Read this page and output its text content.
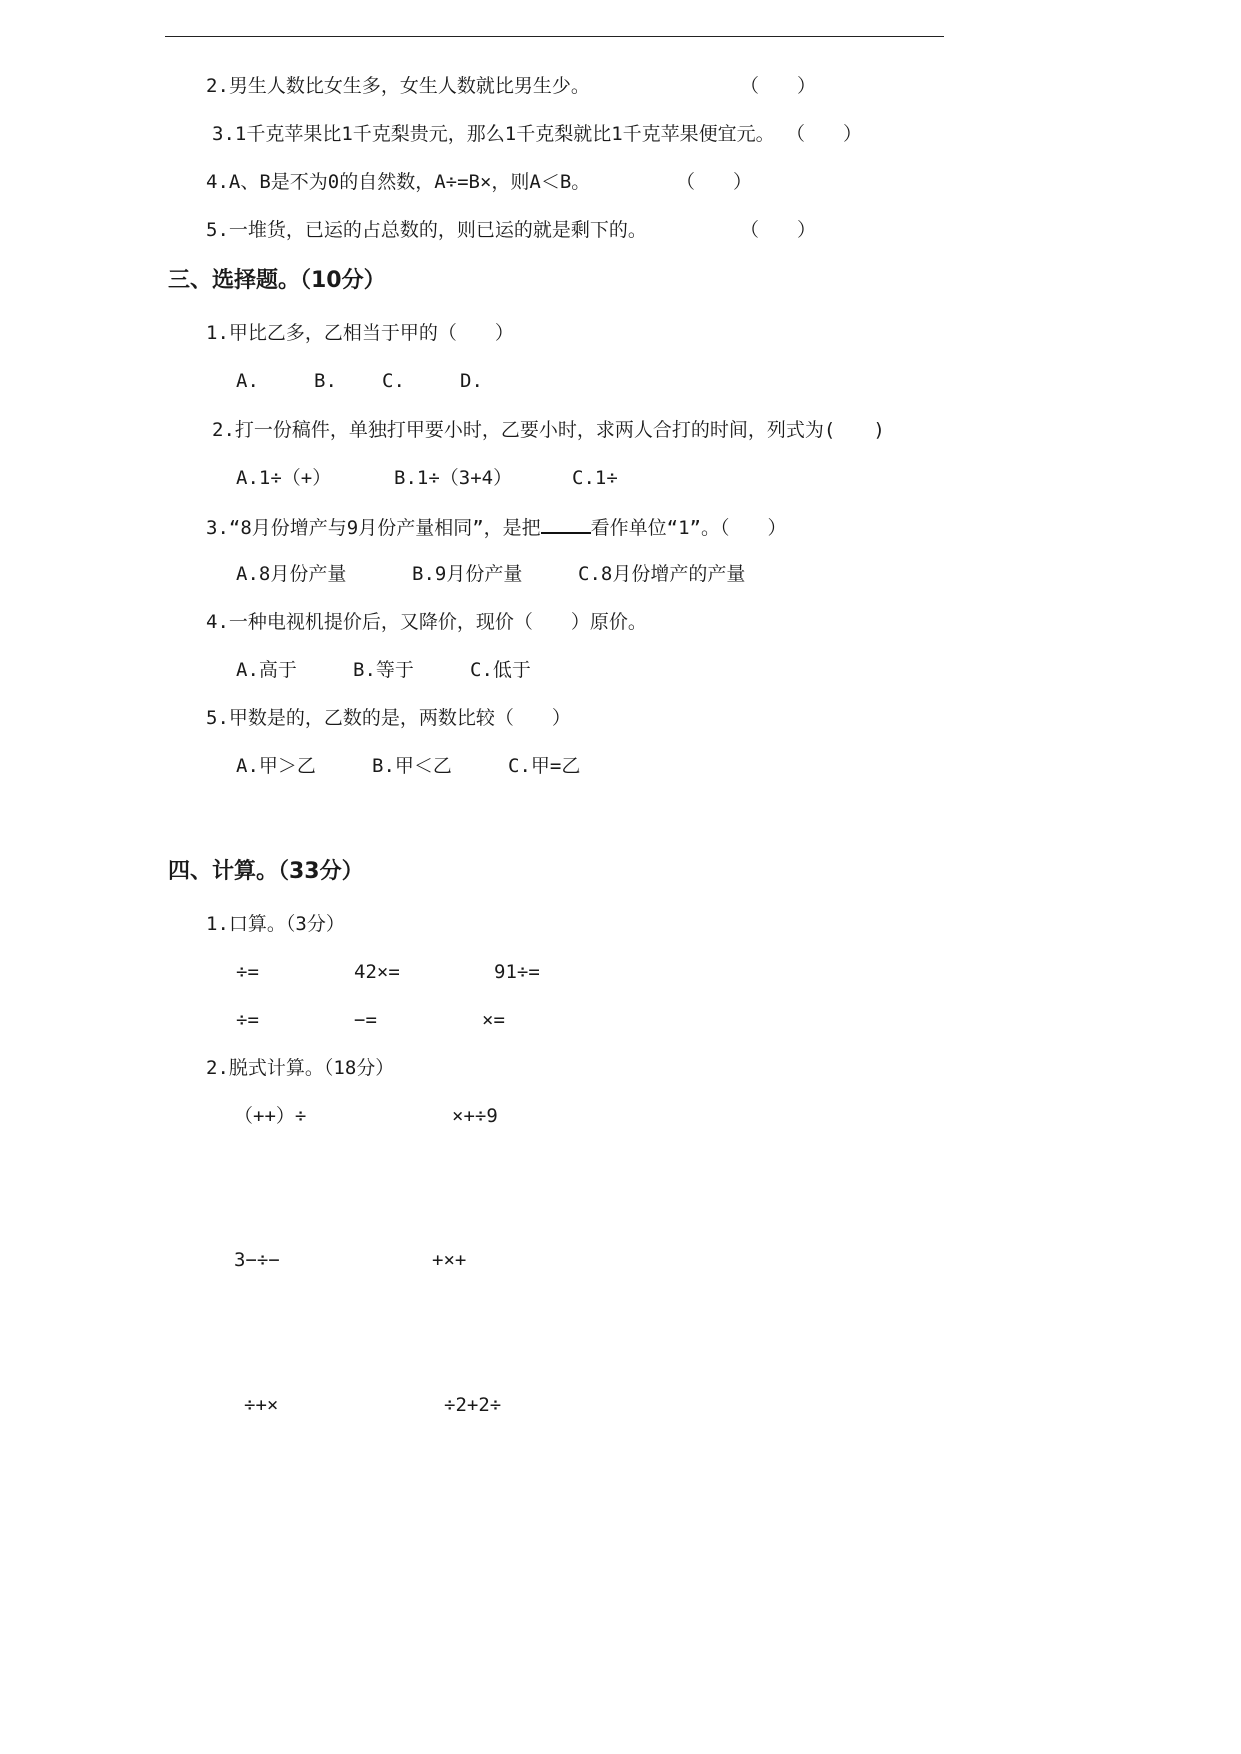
2.男生人数比女生多，女生人数就比男生少。	（　　）
3.1千克苹果比1千克梨贵元，那么1千克梨就比1千克苹果便宜元。 （　　）
4.A、B是不为0的自然数，A÷=B×，则A＜B。	（　　）
5.一堆货，已运的占总数的，则已运的就是剩下的。	（　　）
三、选择题。（10分）
1.甲比乙多，乙相当于甲的（　　）
A.	B. C.	D.
2.打一份稿件，单独打甲要小时，乙要小时，求两人合打的时间，列式为(　　)
A.1÷（+）	B.1÷（3+4）	C.1÷
3.“8月份增产与9月份产量相同”，是把	看作单位“1”。（　　）
A.8月份产量	B.9月份产量	C.8月份增产的产量
4.一种电视机提价后，又降价，现价（　　）原价。
A.高于	B.等于	C.低于
5.甲数是的，乙数的是，两数比较（　　）
A.甲＞乙	B.甲＜乙	C.甲=乙
四、计算。（33分）
1.口算。（3分）
÷=	42×=	91÷=
÷=	−=	×=
2.脱式计算。（18分）
（++）÷	×+÷9
3−÷−	+×+
÷+×	÷2+2÷
